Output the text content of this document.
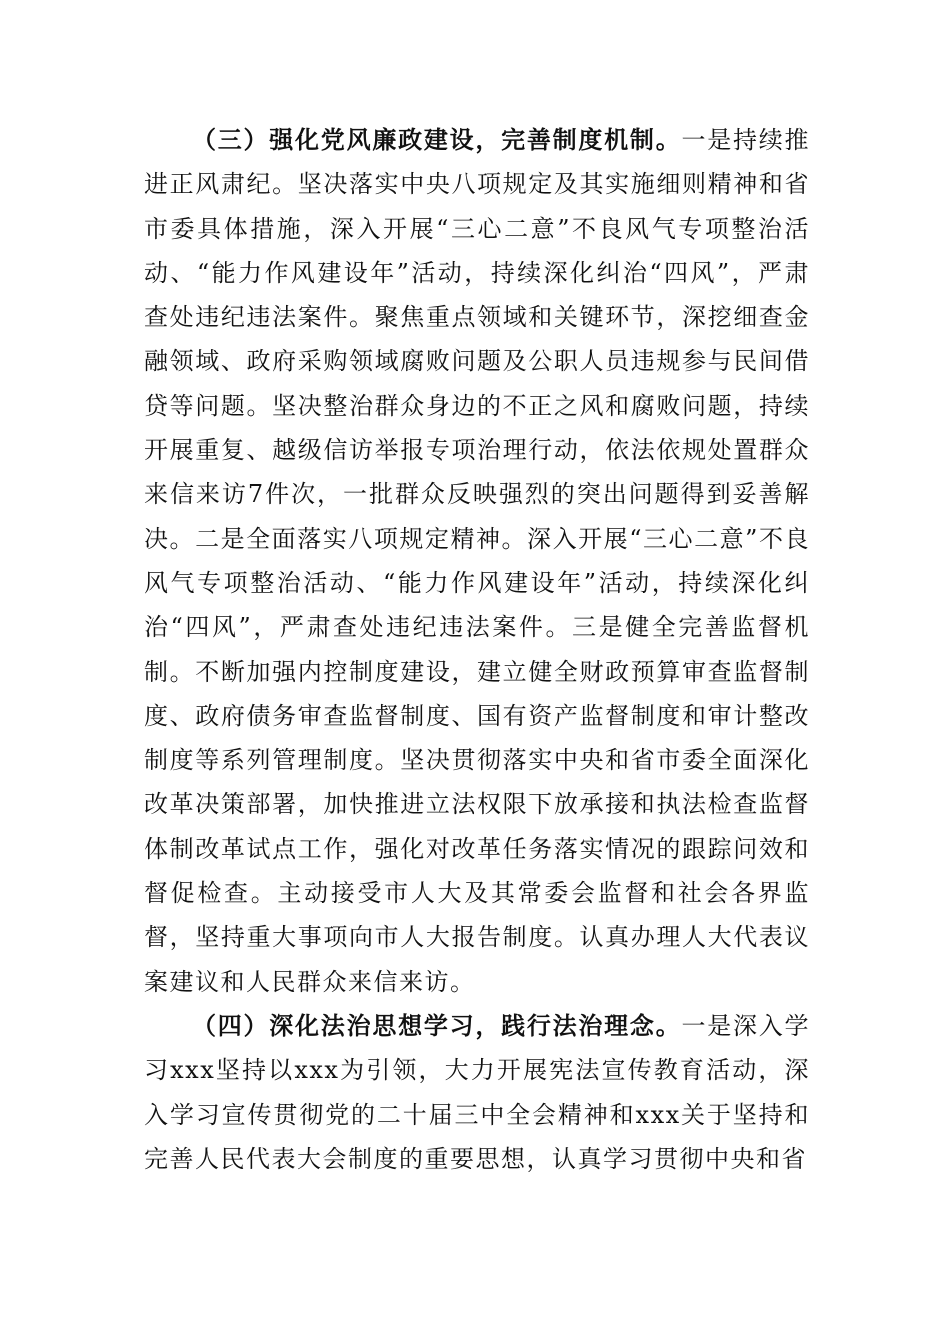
（三）强化党风廉政建设，完善制度机制。一是持续推进正风肃纪。坚决落实中央八项规定及其实施细则精神和省市委具体措施，深入开展“三心二意”不良风气专项整治活动、“能力作风建设年”活动，持续深化纠治“四风”，严肃查处违纪违法案件。聚焦重点领域和关键环节，深挖细查金融领域、政府采购领域腐败问题及公职人员违规参与民间借贷等问题。坚决整治群众身边的不正之风和腐败问题，持续开展重复、越级信访举报专项治理行动，依法依规处置群众来信来访7件次，一批群众反映强烈的突出问题得到妥善解决。二是全面落实八项规定精神。深入开展“三心二意”不良风气专项整治活动、“能力作风建设年”活动，持续深化纠治“四风”，严肃查处违纪违法案件。三是健全完善监督机制。不断加强内控制度建设，建立健全财政预算审查监督制度、政府债务审查监督制度、国有资产监督制度和审计整改制度等系列管理制度。坚决贯彻落实中央和省市委全面深化改革决策部署，加快推进立法权限下放承接和执法检查监督体制改革试点工作，强化对改革任务落实情况的跟踪问效和督促检查。主动接受市人大及其常委会监督和社会各界监督，坚持重大事项向市人大报告制度。认真办理人大代表议案建议和人民群众来信来访。

（四）深化法治思想学习，践行法治理念。一是深入学习xxx坚持以xxx为引领，大力开展宪法宣传教育活动，深入学习宣传贯彻党的二十届三中全会精神和xxx关于坚持和完善人民代表大会制度的重要思想，认真学习贯彻中央和省
